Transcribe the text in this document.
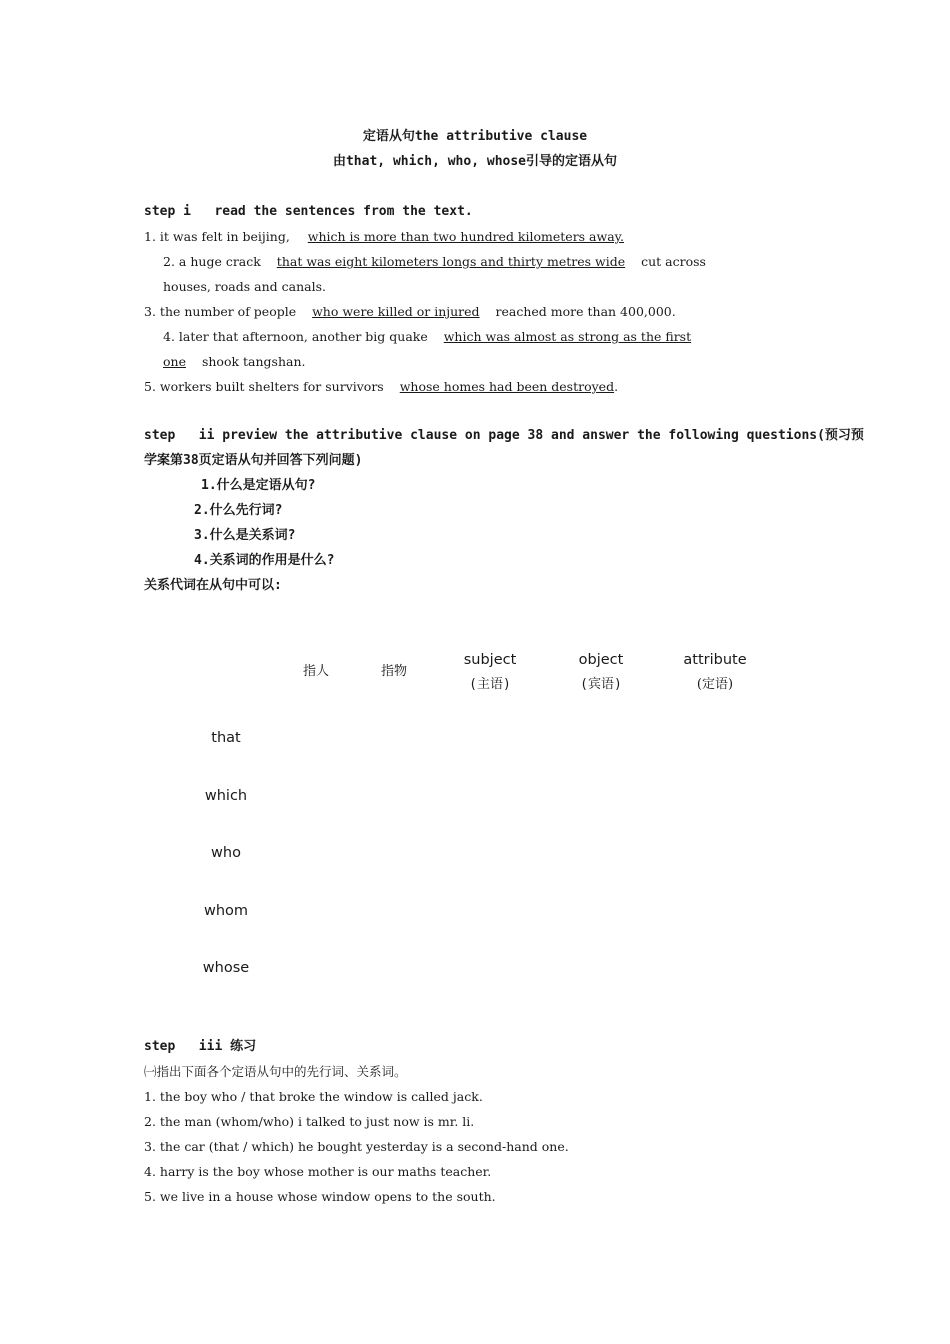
定语从句the attributive clause
由that, which, who, whose引导的定语从句
step i   read the sentences from the text.
1. it was felt in beijing, which is more than two hundred kilometers away.
2. a huge crack that was eight kilometers longs and thirty metres wide cut across
houses, roads and canals.
3. the number of people who were killed or injured reached more than 400,000.
4. later that afternoon, another big quake which was almost as strong as the first
one shook tangshan.
5. workers built shelters for survivors whose homes had been destroyed.
step   ii preview the attributive clause on page 38 and answer the following questions(预习预
学案第38页定语从句并回答下列问题)
1.什么是定语从句?
2.什么先行词?
3.什么是关系词?
4.关系词的作用是什么?
关系代词在从句中可以:
指人	指物
subject
(主语)
object
(宾语)
attribute
(定语)
that
which
who
whom
whose
step   iii 练习
㈠指出下面各个定语从句中的先行词、关系词。
1. the boy who / that broke the window is called jack.
2. the man (whom/who) i talked to just now is mr. li.
3. the car (that / which) he bought yesterday is a second-hand one.
4. harry is the boy whose mother is our maths teacher.
5. we live in a house whose window opens to the south.
